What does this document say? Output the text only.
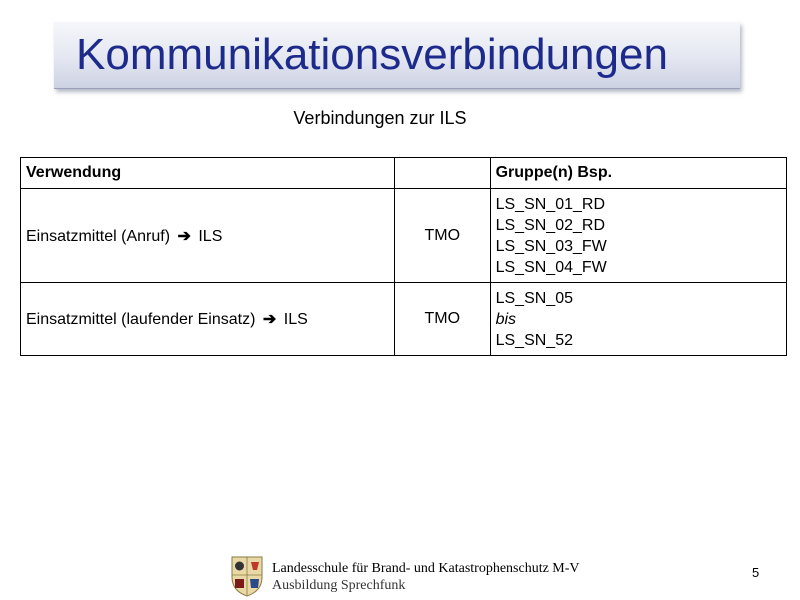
Kommunikationsverbindungen
Verbindungen zur ILS
Verwendung		Gruppe(n) Bsp.
Einsatzmittel (Anruf) ➔ ILS	TMO	LS_SN_01_RD
LS_SN_02_RD
LS_SN_03_FW
LS_SN_04_FW

Einsatzmittel (laufender Einsatz) ➔ ILS	TMO	LS_SN_05
bis
LS_SN_52
Landesschule für Brand- und Katastrophenschutz M-V
Ausbildung Sprechfunk
5
